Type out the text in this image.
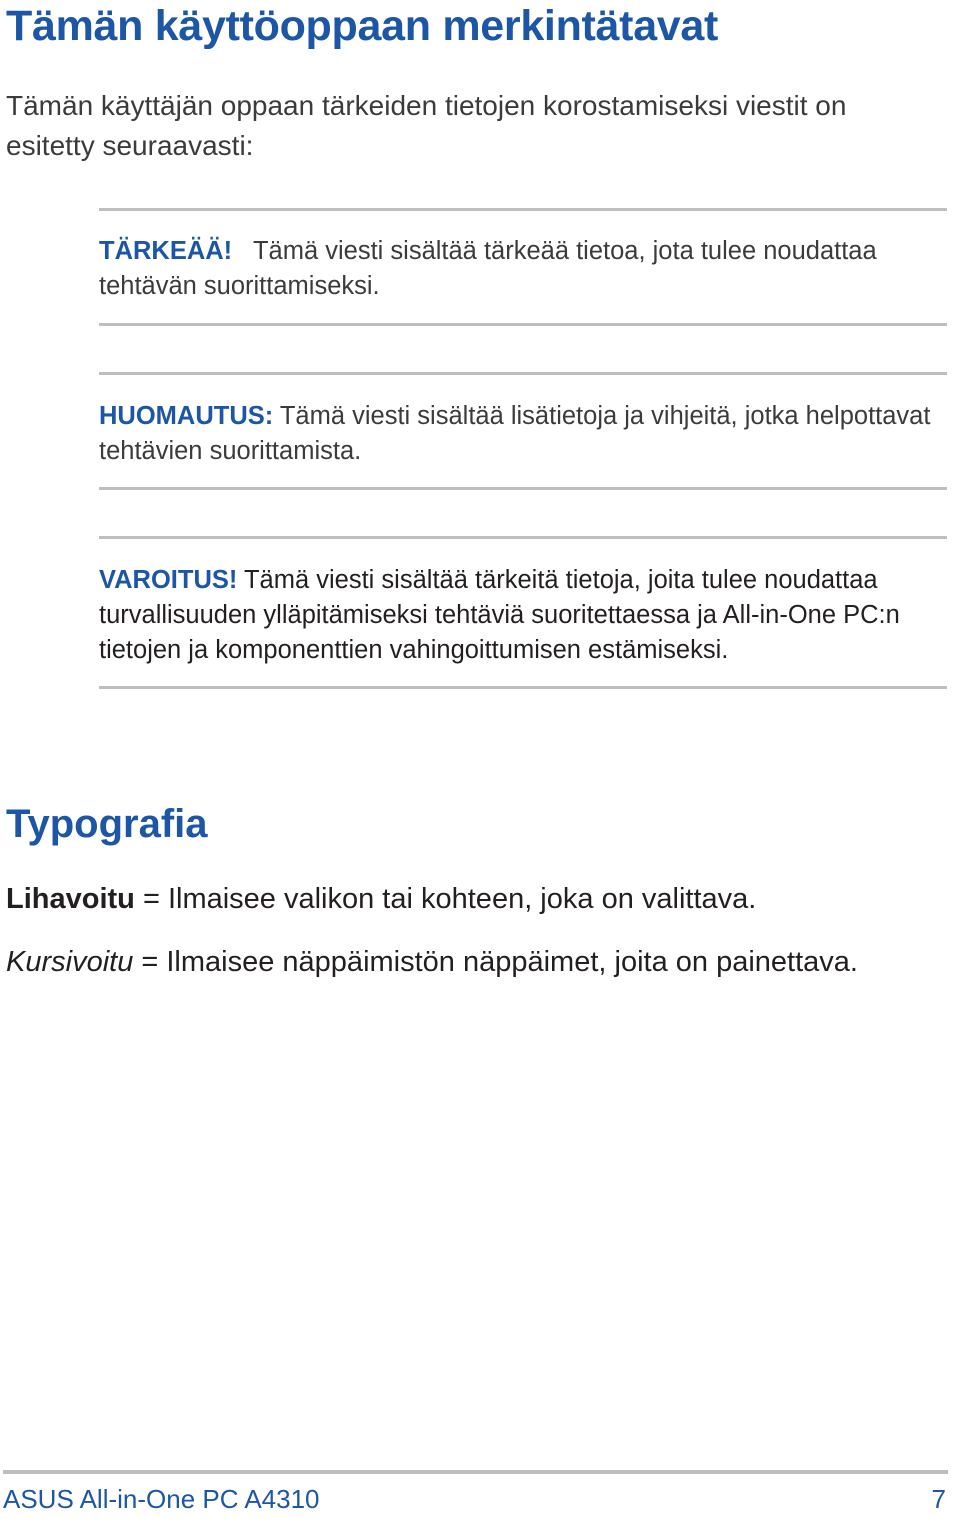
Tämän käyttöoppaan merkintätavat

Tämän käyttäjän oppaan tärkeiden tietojen korostamiseksi viestit on esitetty seuraavasti:

TÄRKEÄÄ! Tämä viesti sisältää tärkeää tietoa, jota tulee noudattaa tehtävän suorittamiseksi.

HUOMAUTUS: Tämä viesti sisältää lisätietoja ja vihjeitä, jotka helpottavat tehtävien suorittamista.

VAROITUS! Tämä viesti sisältää tärkeitä tietoja, joita tulee noudattaa turvallisuuden ylläpitämiseksi tehtäviä suoritettaessa ja All-in-One PC:n tietojen ja komponenttien vahingoittumisen estämiseksi.

Typografia

Lihavoitu = Ilmaisee valikon tai kohteen, joka on valittava.

Kursivoitu = Ilmaisee näppäimistön näppäimet, joita on painettava.

ASUS All-in-One PC A4310	7
